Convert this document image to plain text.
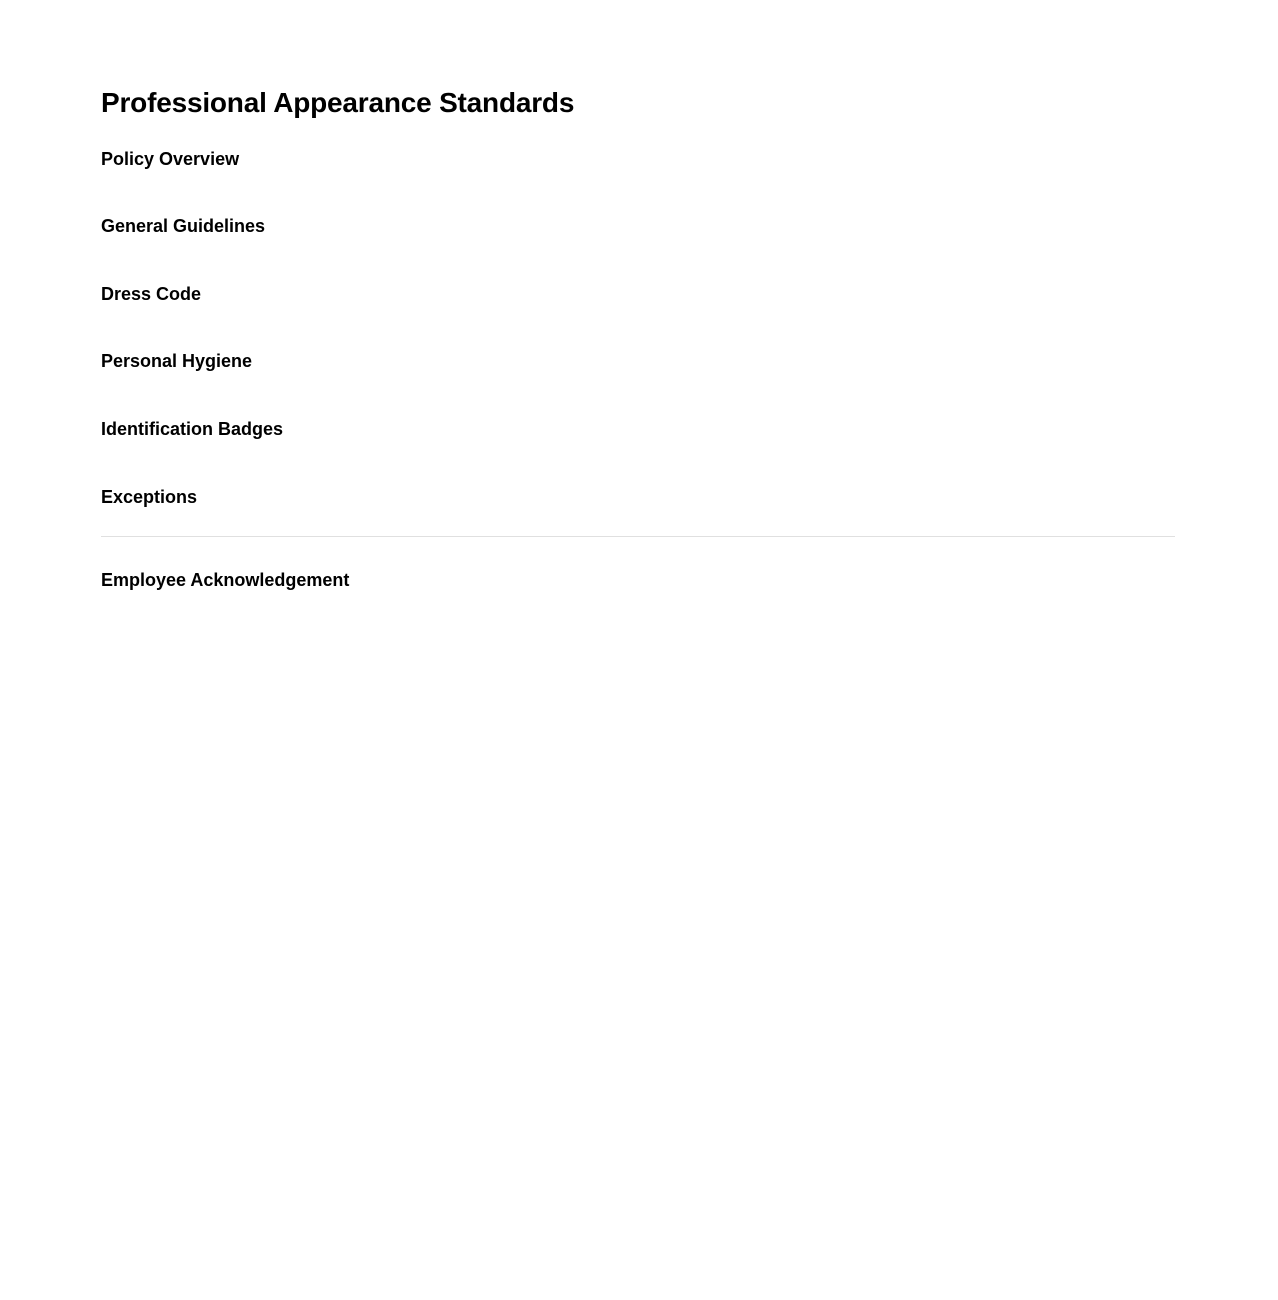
Professional Appearance Standards
Policy Overview
General Guidelines
Dress Code
Personal Hygiene
Identification Badges
Exceptions
Employee Acknowledgement
